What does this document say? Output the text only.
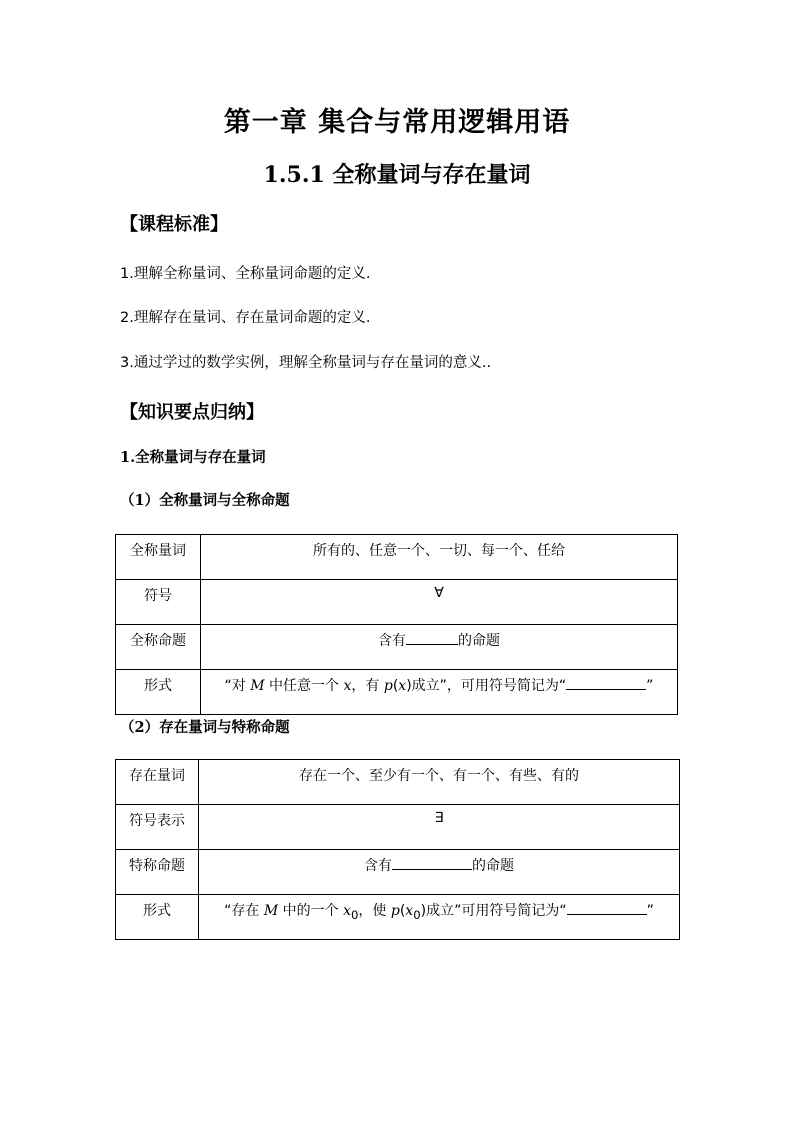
第一章 集合与常用逻辑用语
1.5.1 全称量词与存在量词
【课程标准】
1.理解全称量词、全称量词命题的定义.
2.理解存在量词、存在量词命题的定义.
3.通过学过的数学实例，理解全称量词与存在量词的意义..
【知识要点归纳】
1.全称量词与存在量词
（1）全称量词与全称命题
全称量词	所有的、任意一个、一切、每一个、任给
符号	∀
全称命题	含有 的命题
形式	“对 M 中任意一个 x，有 p(x)成立”，可用符号简记为“ ”
（2）存在量词与特称命题
存在量词	存在一个、至少有一个、有一个、有些、有的
符号表示	∃
特称命题	含有 的命题
形式	“存在 M 中的一个 $x_0$，使 $p(x_0)$成立”可用符号简记为“ ”
